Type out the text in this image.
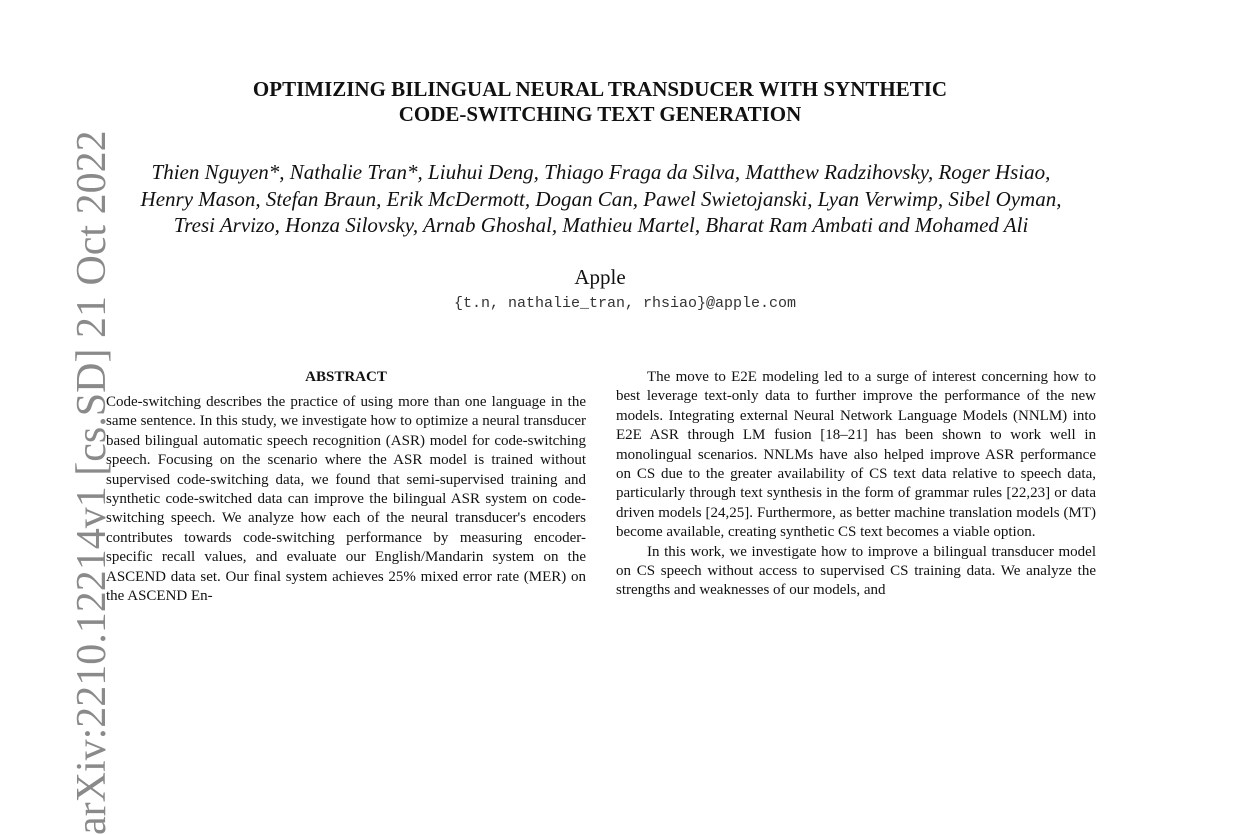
arXiv:2210.12214v1 [cs.SD] 21 Oct 2022
OPTIMIZING BILINGUAL NEURAL TRANSDUCER WITH SYNTHETIC
CODE-SWITCHING TEXT GENERATION
Thien Nguyen*, Nathalie Tran*, Liuhui Deng, Thiago Fraga da Silva, Matthew Radzihovsky, Roger Hsiao,
Henry Mason, Stefan Braun, Erik McDermott, Dogan Can, Pawel Swietojanski, Lyan Verwimp, Sibel Oyman,
Tresi Arvizo, Honza Silovsky, Arnab Ghoshal, Mathieu Martel, Bharat Ram Ambati and Mohamed Ali
Apple
{t.n, nathalie_tran, rhsiao}@apple.com
ABSTRACT

Code-switching describes the practice of using more than one language in the same sentence. In this study, we investigate how to optimize a neural transducer based bilingual automatic speech recognition (ASR) model for code-switching speech. Focusing on the scenario where the ASR model is trained without supervised code-switching data, we found that semi-supervised training and synthetic code-switched data can improve the bilingual ASR system on code-switching speech. We analyze how each of the neural transducer's encoders contributes towards code-switching performance by measuring encoder-specific recall values, and evaluate our English/Mandarin system on the ASCEND data set. Our final system achieves 25% mixed error rate (MER) on the ASCEND En-

The move to E2E modeling led to a surge of interest concerning how to best leverage text-only data to further improve the performance of the new models. Integrating external Neural Network Language Models (NNLM) into E2E ASR through LM fusion [18–21] has been shown to work well in monolingual scenarios. NNLMs have also helped improve ASR performance on CS due to the greater availability of CS text data relative to speech data, particularly through text synthesis in the form of grammar rules [22,23] or data driven models [24,25]. Furthermore, as better machine translation models (MT) become available, creating synthetic CS text becomes a viable option.

In this work, we investigate how to improve a bilingual transducer model on CS speech without access to supervised CS training data. We analyze the strengths and weaknesses of our models, and
